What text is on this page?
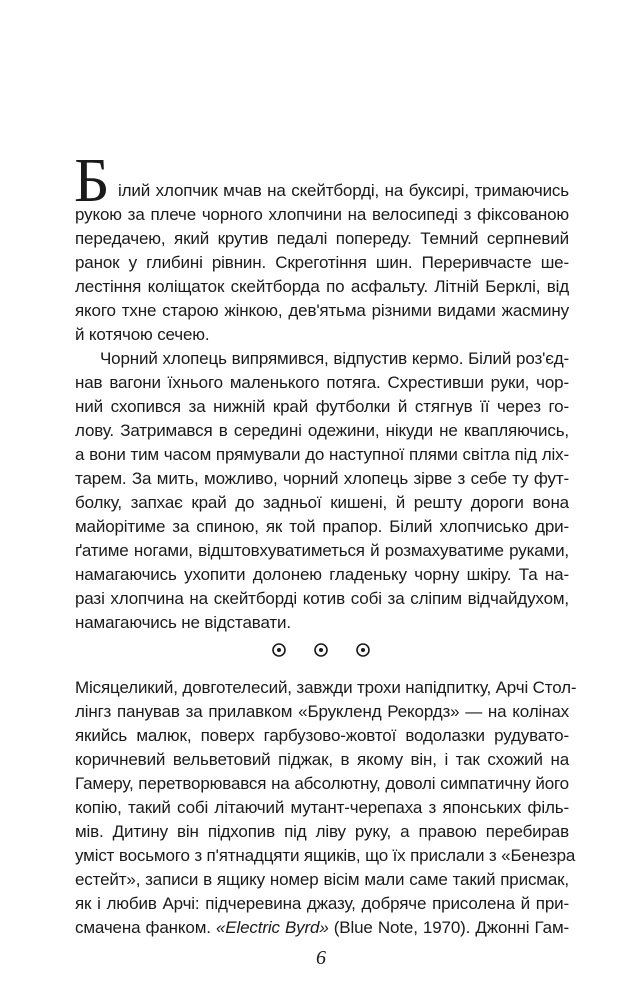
Б ілий хлопчик мчав на скейтборді, на буксирі, тримаючись
рукою за плече чорного хлопчини на велосипеді з фіксованою
передачею, який крутив педалі попереду. Темний серпневий
ранок у глибині рівнин. Скреготіння шин. Переривчасте ше-
лестіння коліщаток скейтборда по асфальту. Літній Берклі, від
якого тхне старою жінкою, дев'ятьма різними видами жасмину
й котячою сечею.
Чорний хлопець випрямився, відпустив кермо. Білий роз'єд-
нав вагони їхнього маленького потяга. Схрестивши руки, чор-
ний схопився за нижній край футболки й стягнув її через го-
лову. Затримався в середині одежини, нікуди не квапляючись,
а вони тим часом прямували до наступної плями світла під ліх-
тарем. За мить, можливо, чорний хлопець зірве з себе ту фут-
болку, запхає край до задньої кишені, й решту дороги вона
майорітиме за спиною, як той прапор. Білий хлопчисько дри-
ґатиме ногами, відштовхуватиметься й розмахуватиме руками,
намагаючись ухопити долонею гладеньку чорну шкіру. Та на-
разі хлопчина на скейтборді котив собі за сліпим відчайдухом,
намагаючись не відставати.
Місяцеликий, довготелесий, завжди трохи напідпитку, Арчі Стол-
лінгз панував за прилавком «Брукленд Рекордз» — на колінах
якийсь малюк, поверх гарбузово-жовтої водолазки рудувато-
коричневий вельветовий піджак, в якому він, і так схожий на
Гамеру, перетворювався на абсолютну, доволі симпатичну його
копію, такий собі літаючий мутант-черепаха з японських філь-
мів. Дитину він підхопив під ліву руку, а правою перебирав
уміст восьмого з п'ятнадцяти ящиків, що їх прислали з «Бенезра
естейт», записи в ящику номер вісім мали саме такий присмак,
як і любив Арчі: підчеревина джазу, добряче присолена й при-
смачена фанком. «Electric Byrd» (Blue Note, 1970). Джонні Гам-
6
